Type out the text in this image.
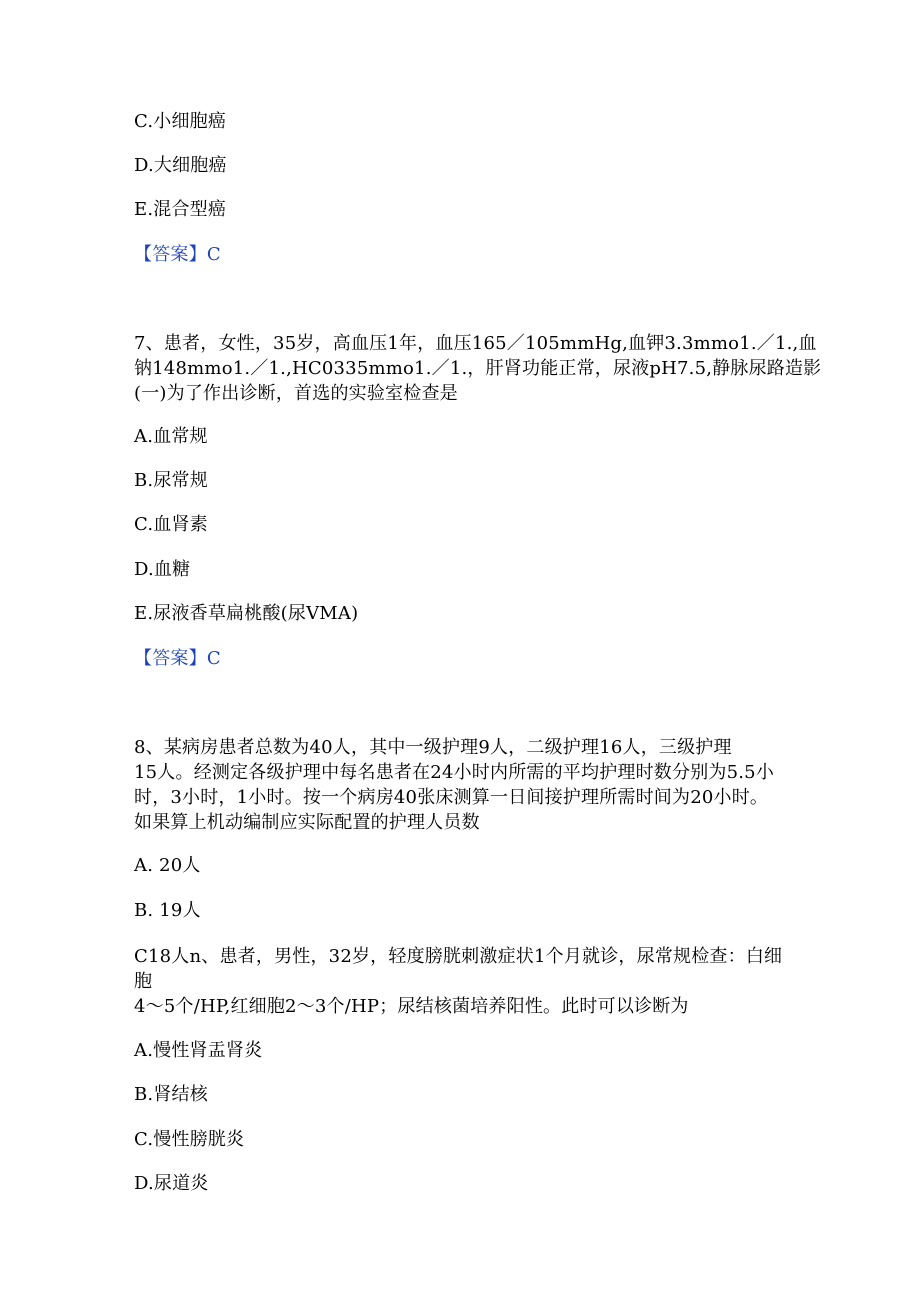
C.小细胞癌
D.大细胞癌
E.混合型癌
【答案】C
7、患者，女性，35岁，高血压1年，血压165／105mmHg,血钾3.3mmo1.／1.,血
钠148mmo1.／1.,HC0335mmo1.／1.，肝肾功能正常，尿液pH7.5,静脉尿路造影
(一)为了作出诊断，首选的实验室检查是
A.血常规
B.尿常规
C.血肾素
D.血糖
E.尿液香草扁桃酸(尿VMA)
【答案】C
8、某病房患者总数为40人，其中一级护理9人，二级护理16人，三级护理
15人。经测定各级护理中每名患者在24小时内所需的平均护理时数分别为5.5小
时，3小时，1小时。按一个病房40张床测算一日间接护理所需时间为20小时。
如果算上机动编制应实际配置的护理人员数
A. 20人
B. 19人
C18人n、患者，男性，32岁，轻度膀胱刺激症状1个月就诊，尿常规检查：白细
胞
4～5个/HP,红细胞2～3个/HP；尿结核菌培养阳性。此时可以诊断为
A.慢性肾盂肾炎
B.肾结核
C.慢性膀胱炎
D.尿道炎
